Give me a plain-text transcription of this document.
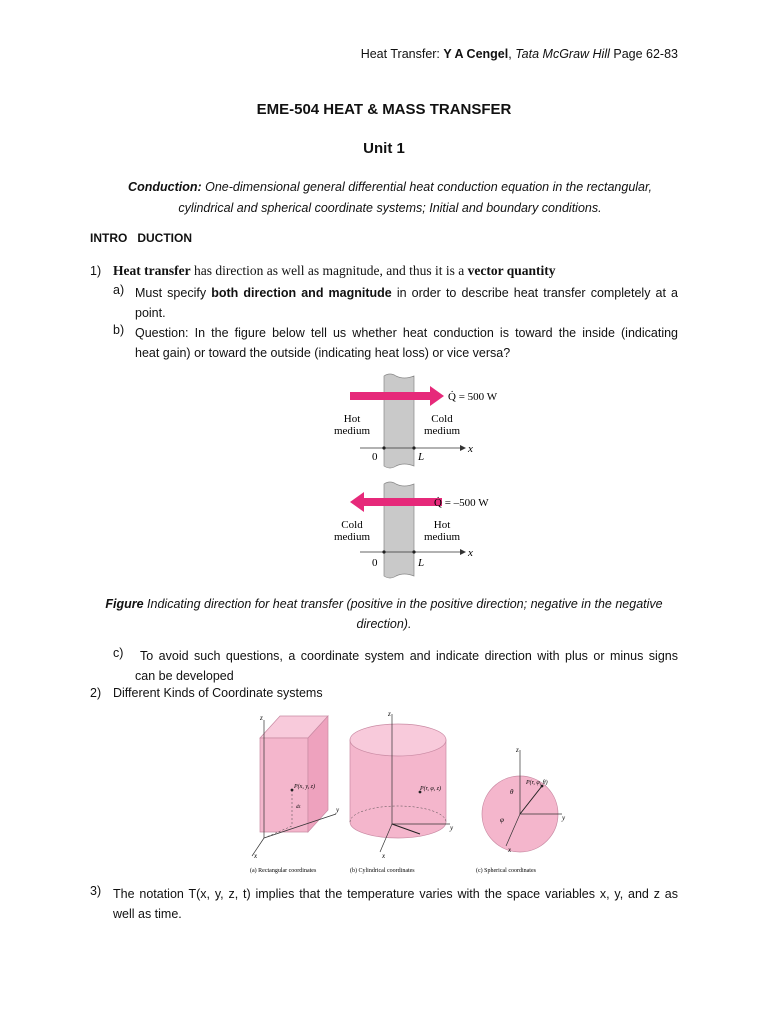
Heat Transfer: Y A Cengel, Tata McGraw Hill Page 62-83
EME-504 HEAT & MASS TRANSFER
Unit 1
Conduction: One-dimensional general differential heat conduction equation in the rectangular,
cylindrical and spherical coordinate systems; Initial and boundary conditions.
INTRO   DUCTION
1) Heat transfer has direction as well as magnitude, and thus it is a vector quantity
a) Must specify both direction and magnitude in order to describe heat transfer completely at a
point.
b) Question: In the figure below tell us whether heat conduction is toward the inside (indicating
heat gain) or toward the outside (indicating heat loss) or vice versa?
Q̇ = 500 W
Hot
medium
Cold
medium
0	L
x
Q̇ = –500 W
Cold
medium
Hot
medium
0	L
x
Figure Indicating direction for heat transfer (positive in the positive direction; negative in the negative
direction).
c)	To avoid such questions, a coordinate system and indicate direction with plus or minus signs
can be developed
2) Different Kinds of Coordinate systems
z
y
x
P(x, y, z)
dz
(a) Rectangular coordinates
z
y
x
P(r, φ, z)
(b) Cylindrical coordinates
z
y
x
θ
φ
P(r, φ, θ)
(c) Spherical coordinates
3) The notation T(x, y, z, t) implies that the temperature varies with the space variables x, y, and z as
well as time.
